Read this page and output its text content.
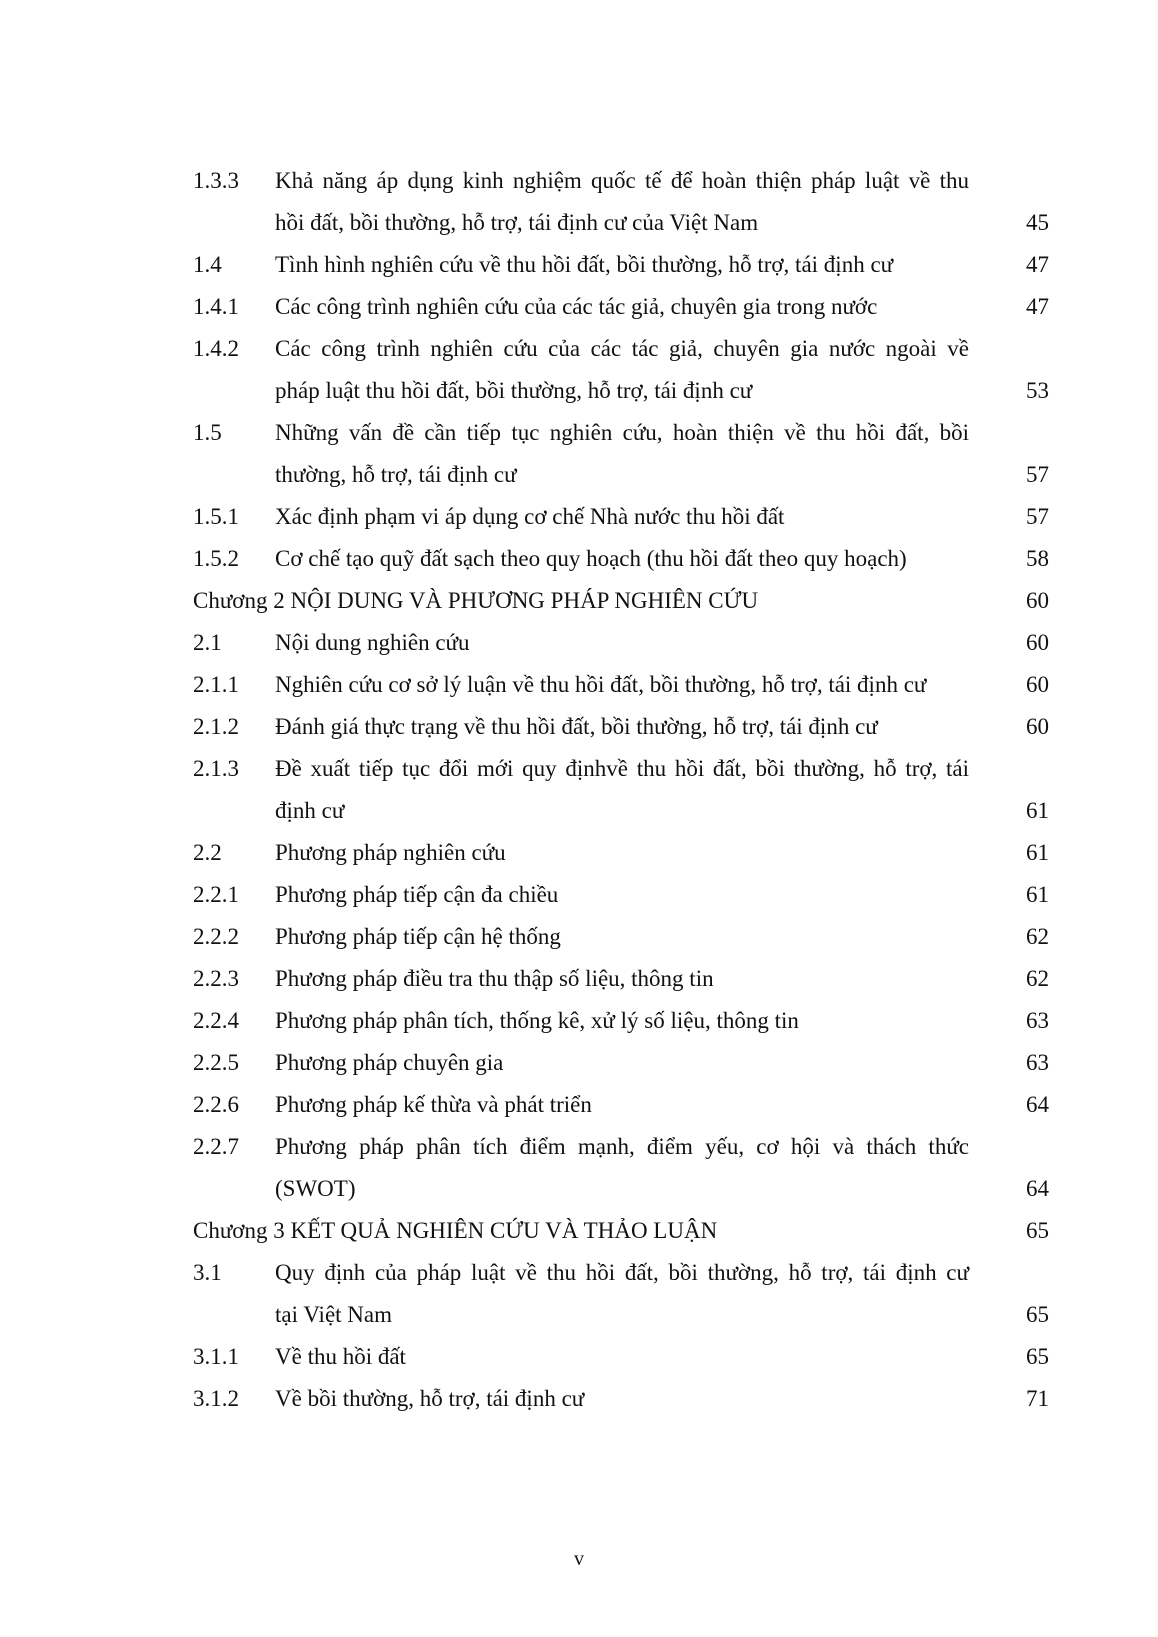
1.3.3 Khả năng áp dụng kinh nghiệm quốc tế để hoàn thiện pháp luật về thu
hồi đất, bồi thường, hỗ trợ, tái định cư của Việt Nam	45
1.4 Tình hình nghiên cứu về thu hồi đất, bồi thường, hỗ trợ, tái định cư	47
1.4.1 Các công trình nghiên cứu của các tác giả, chuyên gia trong nước	47
1.4.2 Các công trình nghiên cứu của các tác giả, chuyên gia nước ngoài về
pháp luật thu hồi đất, bồi thường, hỗ trợ, tái định cư	53
1.5 Những vấn đề cần tiếp tục nghiên cứu, hoàn thiện về thu hồi đất, bồi
thường, hỗ trợ, tái định cư	57
1.5.1 Xác định phạm vi áp dụng cơ chế Nhà nước thu hồi đất	57
1.5.2 Cơ chế tạo quỹ đất sạch theo quy hoạch (thu hồi đất theo quy hoạch)	58
Chương 2 NỘI DUNG VÀ PHƯƠNG PHÁP NGHIÊN CỨU	60
2.1 Nội dung nghiên cứu	60
2.1.1 Nghiên cứu cơ sở lý luận về thu hồi đất, bồi thường, hỗ trợ, tái định cư	60
2.1.2 Đánh giá thực trạng về thu hồi đất, bồi thường, hỗ trợ, tái định cư	60
2.1.3 Đề xuất tiếp tục đổi mới quy địnhvề thu hồi đất, bồi thường, hỗ trợ, tái
định cư	61
2.2 Phương pháp nghiên cứu	61
2.2.1 Phương pháp tiếp cận đa chiều	61
2.2.2 Phương pháp tiếp cận hệ thống	62
2.2.3 Phương pháp điều tra thu thập số liệu, thông tin	62
2.2.4 Phương pháp phân tích, thống kê, xử lý số liệu, thông tin	63
2.2.5 Phương pháp chuyên gia	63
2.2.6 Phương pháp kế thừa và phát triển	64
2.2.7 Phương pháp phân tích điểm mạnh, điểm yếu, cơ hội và thách thức
(SWOT)	64
Chương 3 KẾT QUẢ NGHIÊN CỨU VÀ THẢO LUẬN	65
3.1 Quy định của pháp luật về thu hồi đất, bồi thường, hỗ trợ, tái định cư
tại Việt Nam	65
3.1.1 Về thu hồi đất	65
3.1.2 Về bồi thường, hỗ trợ, tái định cư	71
v
